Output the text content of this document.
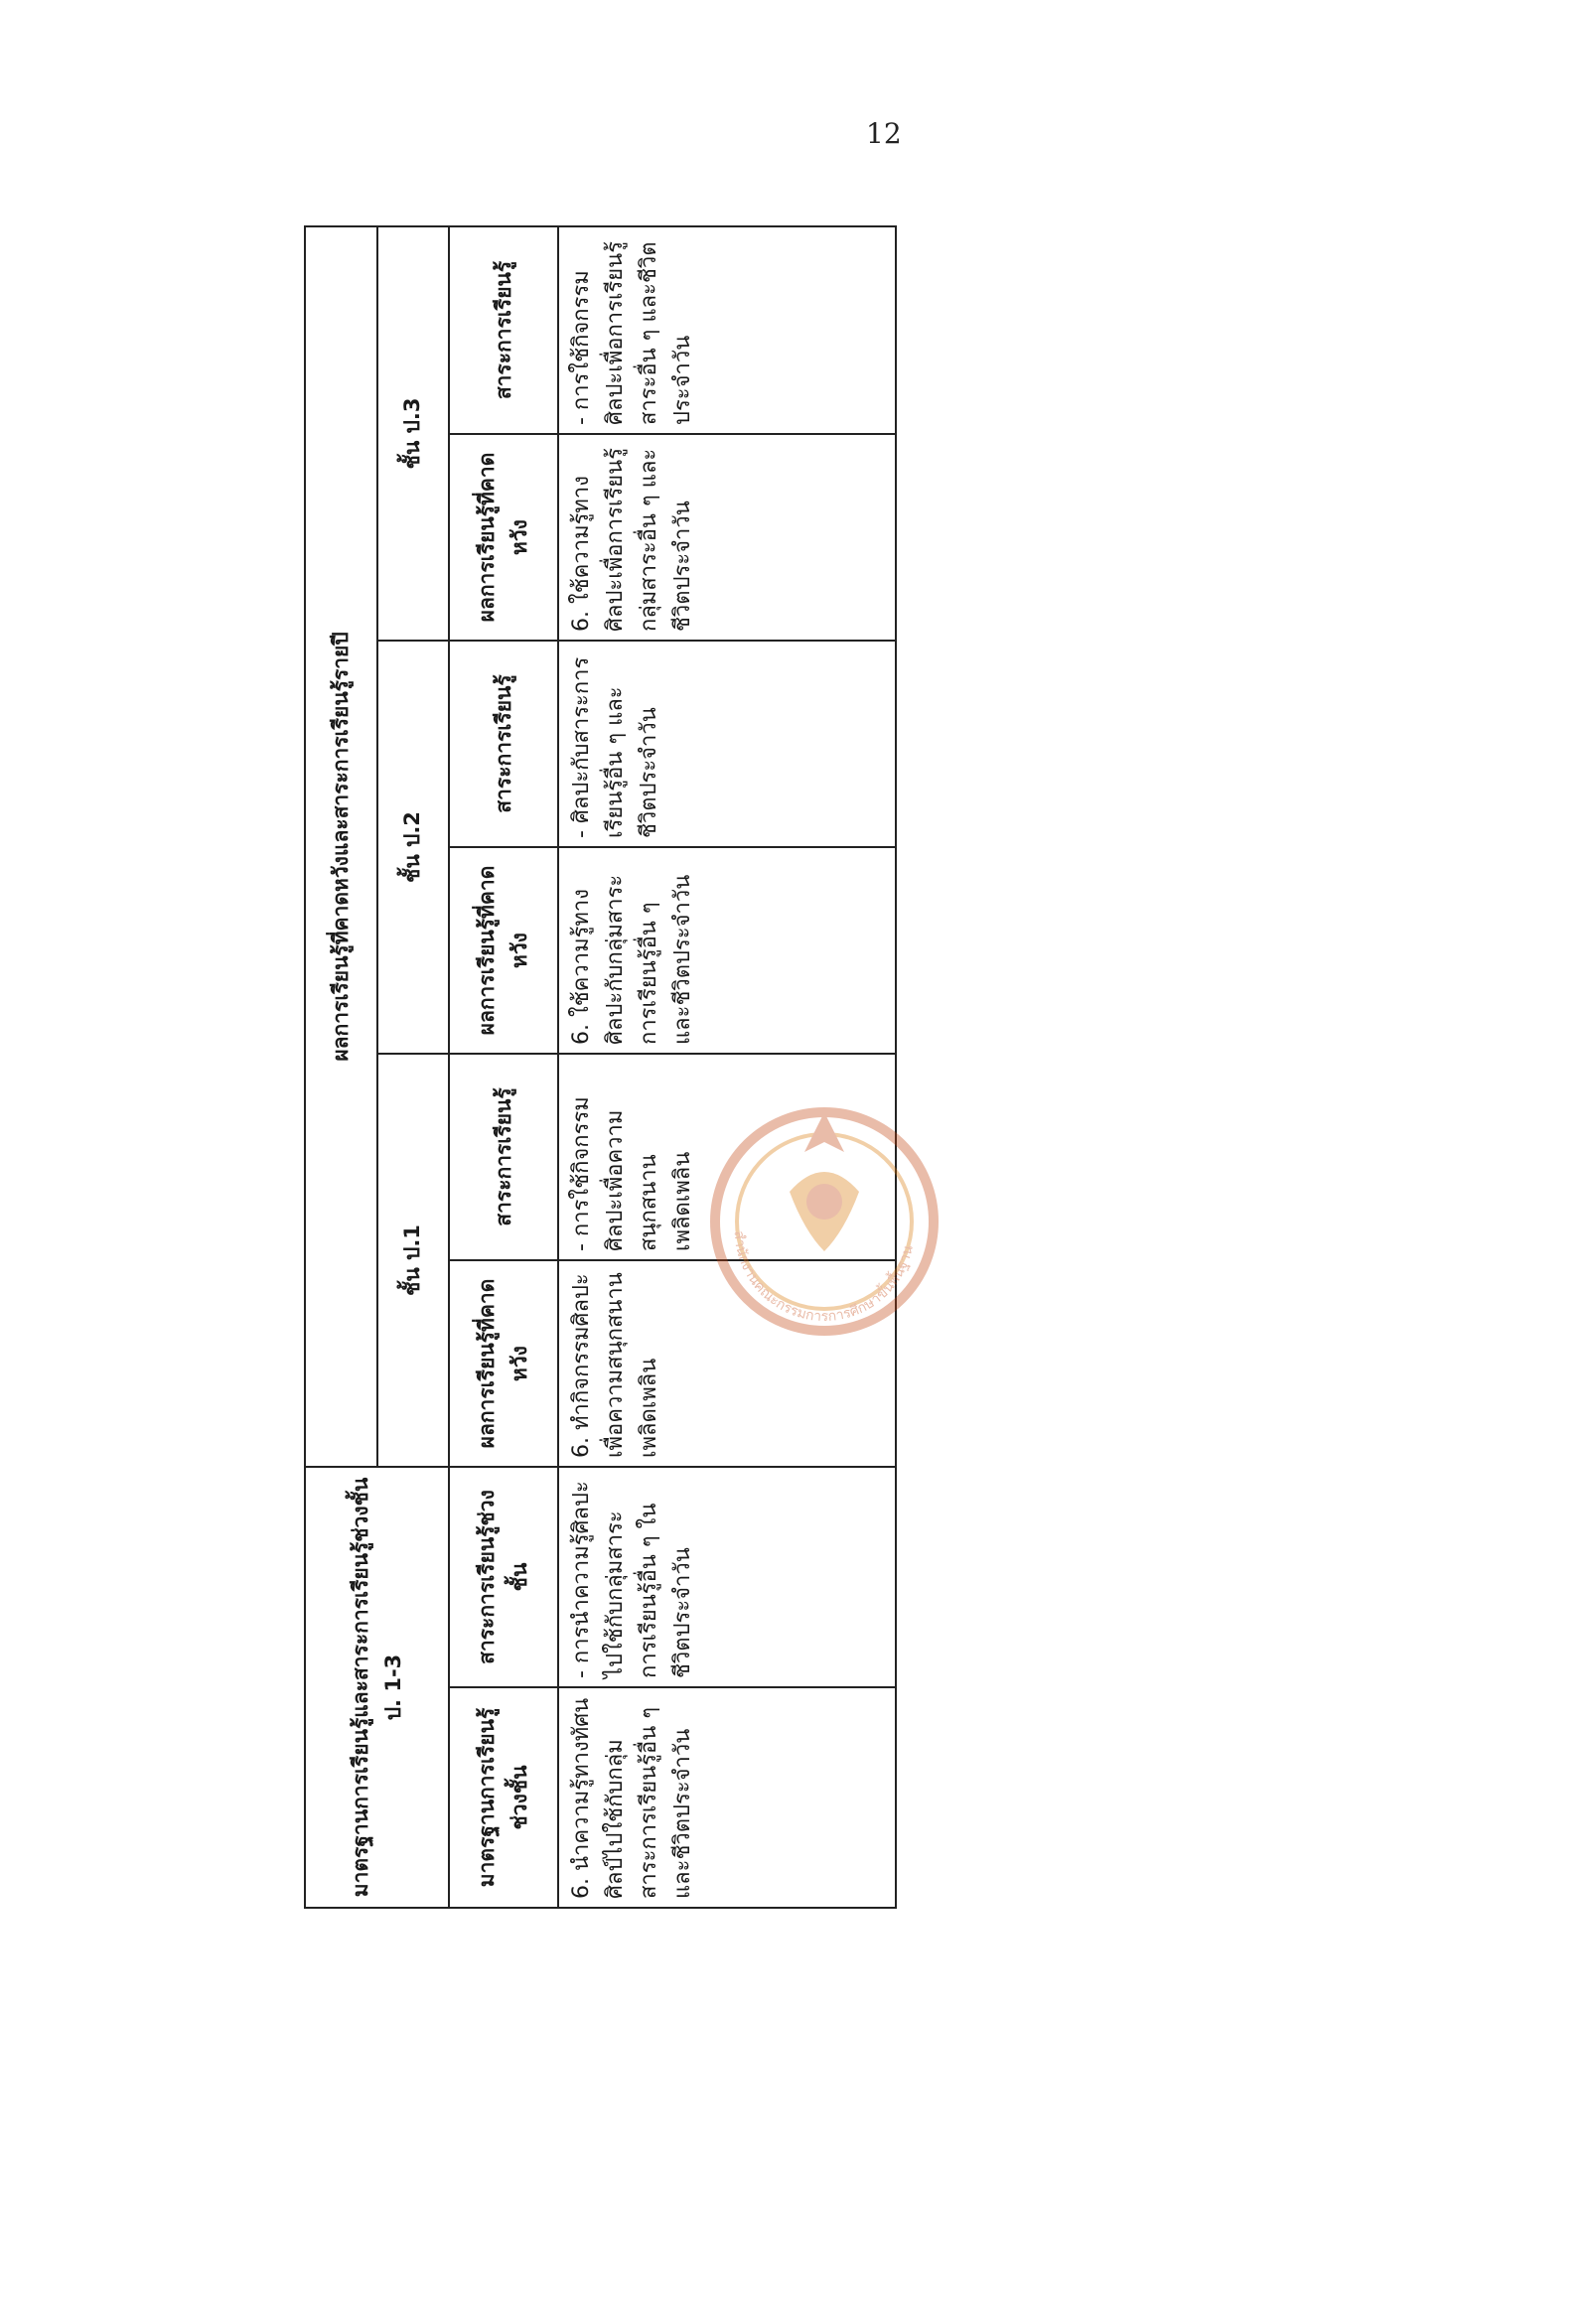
12
มาตรฐานการเรียนรู้และสาระการเรียนรู้ช่วงชั้น ป. 1-3		ผลการเรียนรู้ที่คาดหวังและสาระการเรียนรู้รายปี					
		ชั้น ป.1		ชั้น ป.2		ชั้น ป.3	
มาตรฐานการเรียนรู้ช่วงชั้น	สาระการเรียนรู้ช่วงชั้น	ผลการเรียนรู้ที่คาดหวัง	สาระการเรียนรู้	ผลการเรียนรู้ที่คาดหวัง	สาระการเรียนรู้	ผลการเรียนรู้ที่คาดหวัง	สาระการเรียนรู้
6. นำความรู้ทางทัศนศิลป์ไปใช้กับกลุ่มสาระการเรียนรู้อื่น ๆ และชีวิตประจำวัน	- การนำความรู้ศิลปะไปใช้กับกลุ่มสาระการเรียนรู้อื่น ๆ ในชีวิตประจำวัน	6. ทำกิจกรรมศิลปะเพื่อความสนุกสนานเพลิดเพลิน	- การใช้กิจกรรมศิลปะเพื่อความสนุกสนานเพลิดเพลิน	6. ใช้ความรู้ทางศิลปะกับกลุ่มสาระการเรียนรู้อื่น ๆ และชีวิตประจำวัน	- ศิลปะกับสาระการเรียนรู้อื่น ๆ และชีวิตประจำวัน	6. ใช้ความรู้ทางศิลปะเพื่อการเรียนรู้กลุ่มสาระอื่น ๆ และชีวิตประจำวัน	- การใช้กิจกรรมศิลปะเพื่อการเรียนรู้สาระอื่น ๆ และชีวิตประจำวัน
สำนักงานคณะกรรมการการศึกษาขั้นพื้นฐาน
